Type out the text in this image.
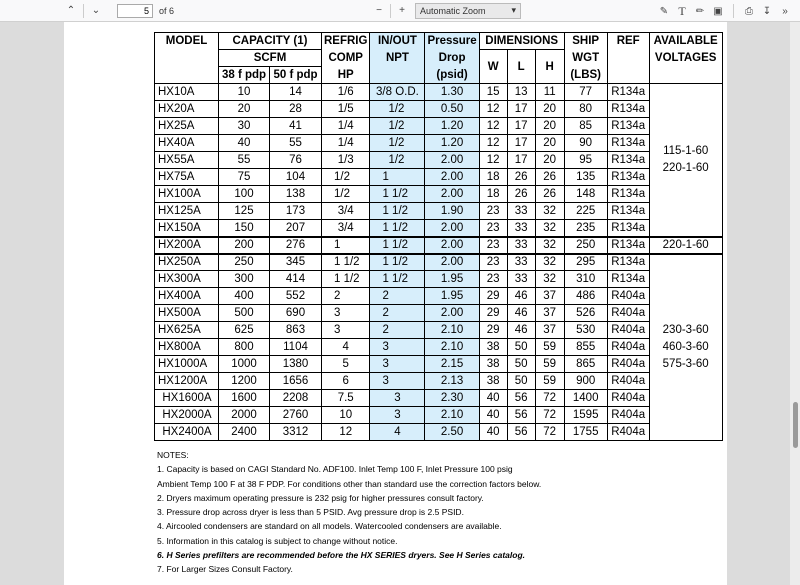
⌃	⌄
5	of 6	−	+	Automatic Zoom	▾	✎ T	✏ ▣	⎙ ↧	»
MODEL	CAPACITY (1)		REFRIG	IN/OUT	Pressure	DIMENSIONS			SHIP	REF	AVAILABLE
	SCFM		COMP	NPT	Drop	W	L	H	WGT		VOLTAGES
	38 f pdp	50 f pdp	HP		(psid)				(LBS)		
HX10A	10	14	1/6	3/8 O.D.	1.30	15	13	11	77	R134a	115-1-60
220-1-60

HX20A	20	28	1/5	1/2	0.50	12	17	20	80	R134a	
HX25A	30	41	1/4	1/2	1.20	12	17	20	85	R134a	
HX40A	40	55	1/4	1/2	1.20	12	17	20	90	R134a	
HX55A	55	76	1/3	1/2	2.00	12	17	20	95	R134a	
HX75A	75	104	1/2	1	2.00	18	26	26	135	R134a	
HX100A	100	138	1/2	1 1/2	2.00	18	26	26	148	R134a	
HX125A	125	173	3/4	1 1/2	1.90	23	33	32	225	R134a	
HX150A	150	207	3/4	1 1/2	2.00	23	33	32	235	R134a	
HX200A	200	276	1	1 1/2	2.00	23	33	32	250	R134a	220-1-60
HX250A	250	345	1 1/2	1 1/2	2.00	23	33	32	295	R134a	230-3-60
460-3-60
575-3-60

HX300A	300	414	1 1/2	1 1/2	1.95	23	33	32	310	R134a	
HX400A	400	552	2	2	1.95	29	46	37	486	R404a	
HX500A	500	690	3	2	2.00	29	46	37	526	R404a	
HX625A	625	863	3	2	2.10	29	46	37	530	R404a	
HX800A	800	1104	4	3	2.10	38	50	59	855	R404a	
HX1000A	1000	1380	5	3	2.15	38	50	59	865	R404a	
HX1200A	1200	1656	6	3	2.13	38	50	59	900	R404a	
HX1600A	1600	2208	7.5	3	2.30	40	56	72	1400	R404a	
HX2000A	2000	2760	10	3	2.10	40	56	72	1595	R404a	
HX2400A	2400	3312	12	4	2.50	40	56	72	1755	R404a	
NOTES:
1. Capacity is based on CAGI Standard No. ADF100. Inlet Temp 100 F, Inlet Pressure 100 psig
Ambient Temp 100 F at 38 F PDP. For conditions other than standard use the correction factors below.
2. Dryers maximum operating pressure is 232 psig for higher pressures consult factory.
3. Pressure drop across dryer is less than 5 PSID. Avg pressure drop is 2.5 PSID.
4. Aircooled condensers are standard on all models. Watercooled condensers are available.
5. Information in this catalog is subject to change without notice.
6. H Series prefilters are recommended before the HX SERIES dryers. See H Series catalog.
7. For Larger Sizes Consult Factory.
